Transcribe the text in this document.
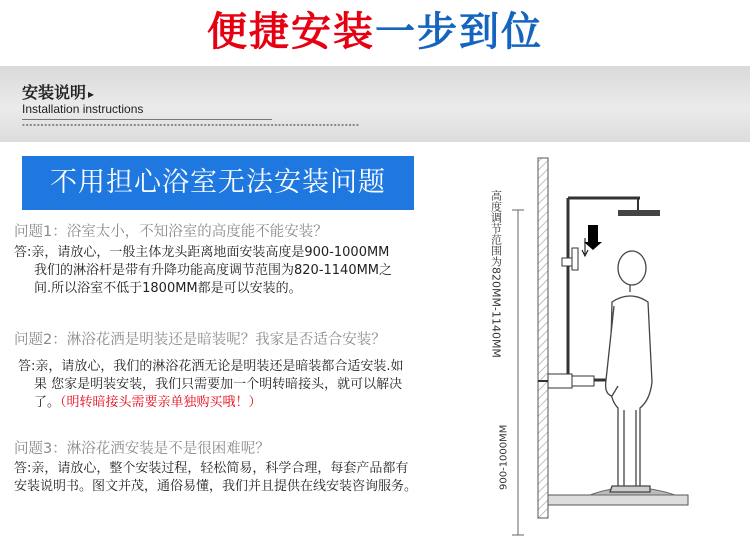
便捷安装一步到位
安装说明 ▸
Installation instructions
▪▪▪▪▪▪▪▪▪▪▪▪▪▪▪▪▪▪▪▪▪▪▪▪▪▪▪▪▪▪▪▪▪▪▪▪▪▪▪▪▪▪▪▪▪▪▪▪▪▪▪▪▪▪▪▪▪▪▪▪▪▪▪▪▪▪▪▪▪▪▪▪▪▪▪▪▪▪▪▪▪▪▪▪▪▪▪▪▪▪▪
不用担心浴室无法安装问题
问题1：浴室太小，不知浴室的高度能不能安装？
答:亲，请放心，一般主体龙头距离地面安装高度是900-1000MM
我们的淋浴杆是带有升降功能高度调节范围为820-1140MM之
间.所以浴室不低于1800MM都是可以安装的。
问题2：淋浴花洒是明装还是暗装呢？我家是否适合安装？
答:亲，请放心，我们的淋浴花洒无论是明装还是暗装都合适安装.如
果 您家是明装安装，我们只需要加一个明转暗接头，就可以解决
了。（明转暗接头需要亲单独购买哦！）
问题3：淋浴花洒安装是不是很困难呢？
答:亲，请放心，整个安装过程，轻松简易，科学合理，每套产品都有
安装说明书。图文并茂，通俗易懂，我们并且提供在线安装咨询服务。
高度调节范围为820MM-1140MM
900-1000MM
